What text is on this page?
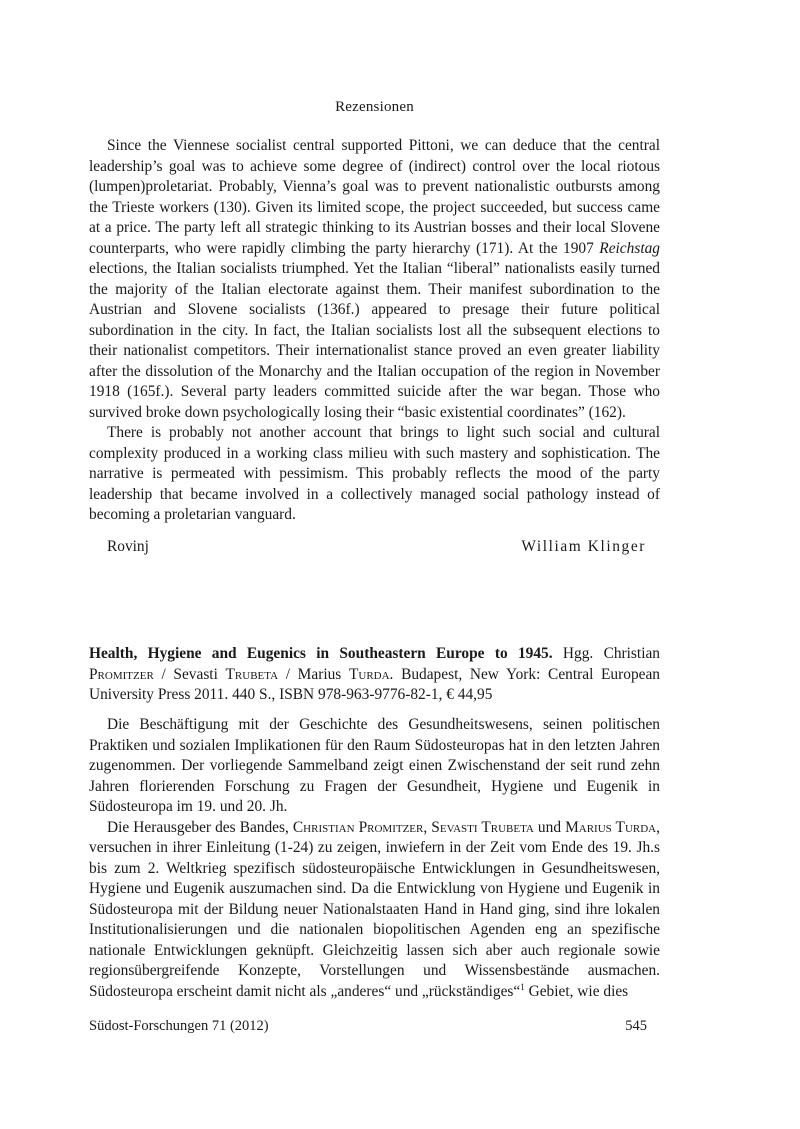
Rezensionen

Since the Viennese socialist central supported Pittoni, we can deduce that the central leadership’s goal was to achieve some degree of (indirect) control over the local riotous (lumpen)proletariat. Probably, Vienna’s goal was to prevent nationalistic outbursts among the Trieste workers (130). Given its limited scope, the project succeeded, but success came at a price. The party left all strategic thinking to its Austrian bosses and their local Slovene counterparts, who were rapidly climbing the party hierarchy (171). At the 1907 Reichstag elections, the Italian socialists triumphed. Yet the Italian “liberal” nationalists easily turned the majority of the Italian electorate against them. Their manifest subordination to the Austrian and Slovene socialists (136f.) appeared to presage their future political subordination in the city. In fact, the Italian socialists lost all the subsequent elections to their nationalist competitors. Their internationalist stance proved an even greater liability after the dissolution of the Monarchy and the Italian occupation of the region in November 1918 (165f.). Several party leaders committed suicide after the war began. Those who survived broke down psychologically losing their “basic existential coordinates” (162).

There is probably not another account that brings to light such social and cultural complexity produced in a working class milieu with such mastery and sophistication. The narrative is permeated with pessimism. This probably reflects the mood of the party leadership that became involved in a collectively managed social pathology instead of becoming a proletarian vanguard.

Rovinj	William Klinger
Health, Hygiene and Eugenics in Southeastern Europe to 1945. Hgg. Christian Promitzer / Sevasti Trubeta / Marius Turda. Budapest, New York: Central European University Press 2011. 440 S., ISBN 978-963-9776-82-1, € 44,95

Die Beschäftigung mit der Geschichte des Gesundheitswesens, seinen politischen Praktiken und sozialen Implikationen für den Raum Südosteuropas hat in den letzten Jahren zugenommen. Der vorliegende Sammelband zeigt einen Zwischenstand der seit rund zehn Jahren florierenden Forschung zu Fragen der Gesundheit, Hygiene und Eugenik in Südosteuropa im 19. und 20. Jh.

Die Herausgeber des Bandes, Christian Promitzer, Sevasti Trubeta und Marius Turda, versuchen in ihrer Einleitung (1-24) zu zeigen, inwiefern in der Zeit vom Ende des 19. Jh.s bis zum 2. Weltkrieg spezifisch südosteuropäische Entwicklungen in Gesundheitswesen, Hygiene und Eugenik auszumachen sind. Da die Entwicklung von Hygiene und Eugenik in Südosteuropa mit der Bildung neuer Nationalstaaten Hand in Hand ging, sind ihre lokalen Institutionalisierungen und die nationalen biopolitischen Agenden eng an spezifische nationale Entwicklungen geknüpft. Gleichzeitig lassen sich aber auch regionale sowie regionsübergreifende Konzepte, Vorstellungen und Wissensbestände ausmachen. Südosteuropa erscheint damit nicht als „anderes“ und „rückständiges“$^1$ Gebiet, wie dies

Südost-Forschungen 71 (2012)	545
